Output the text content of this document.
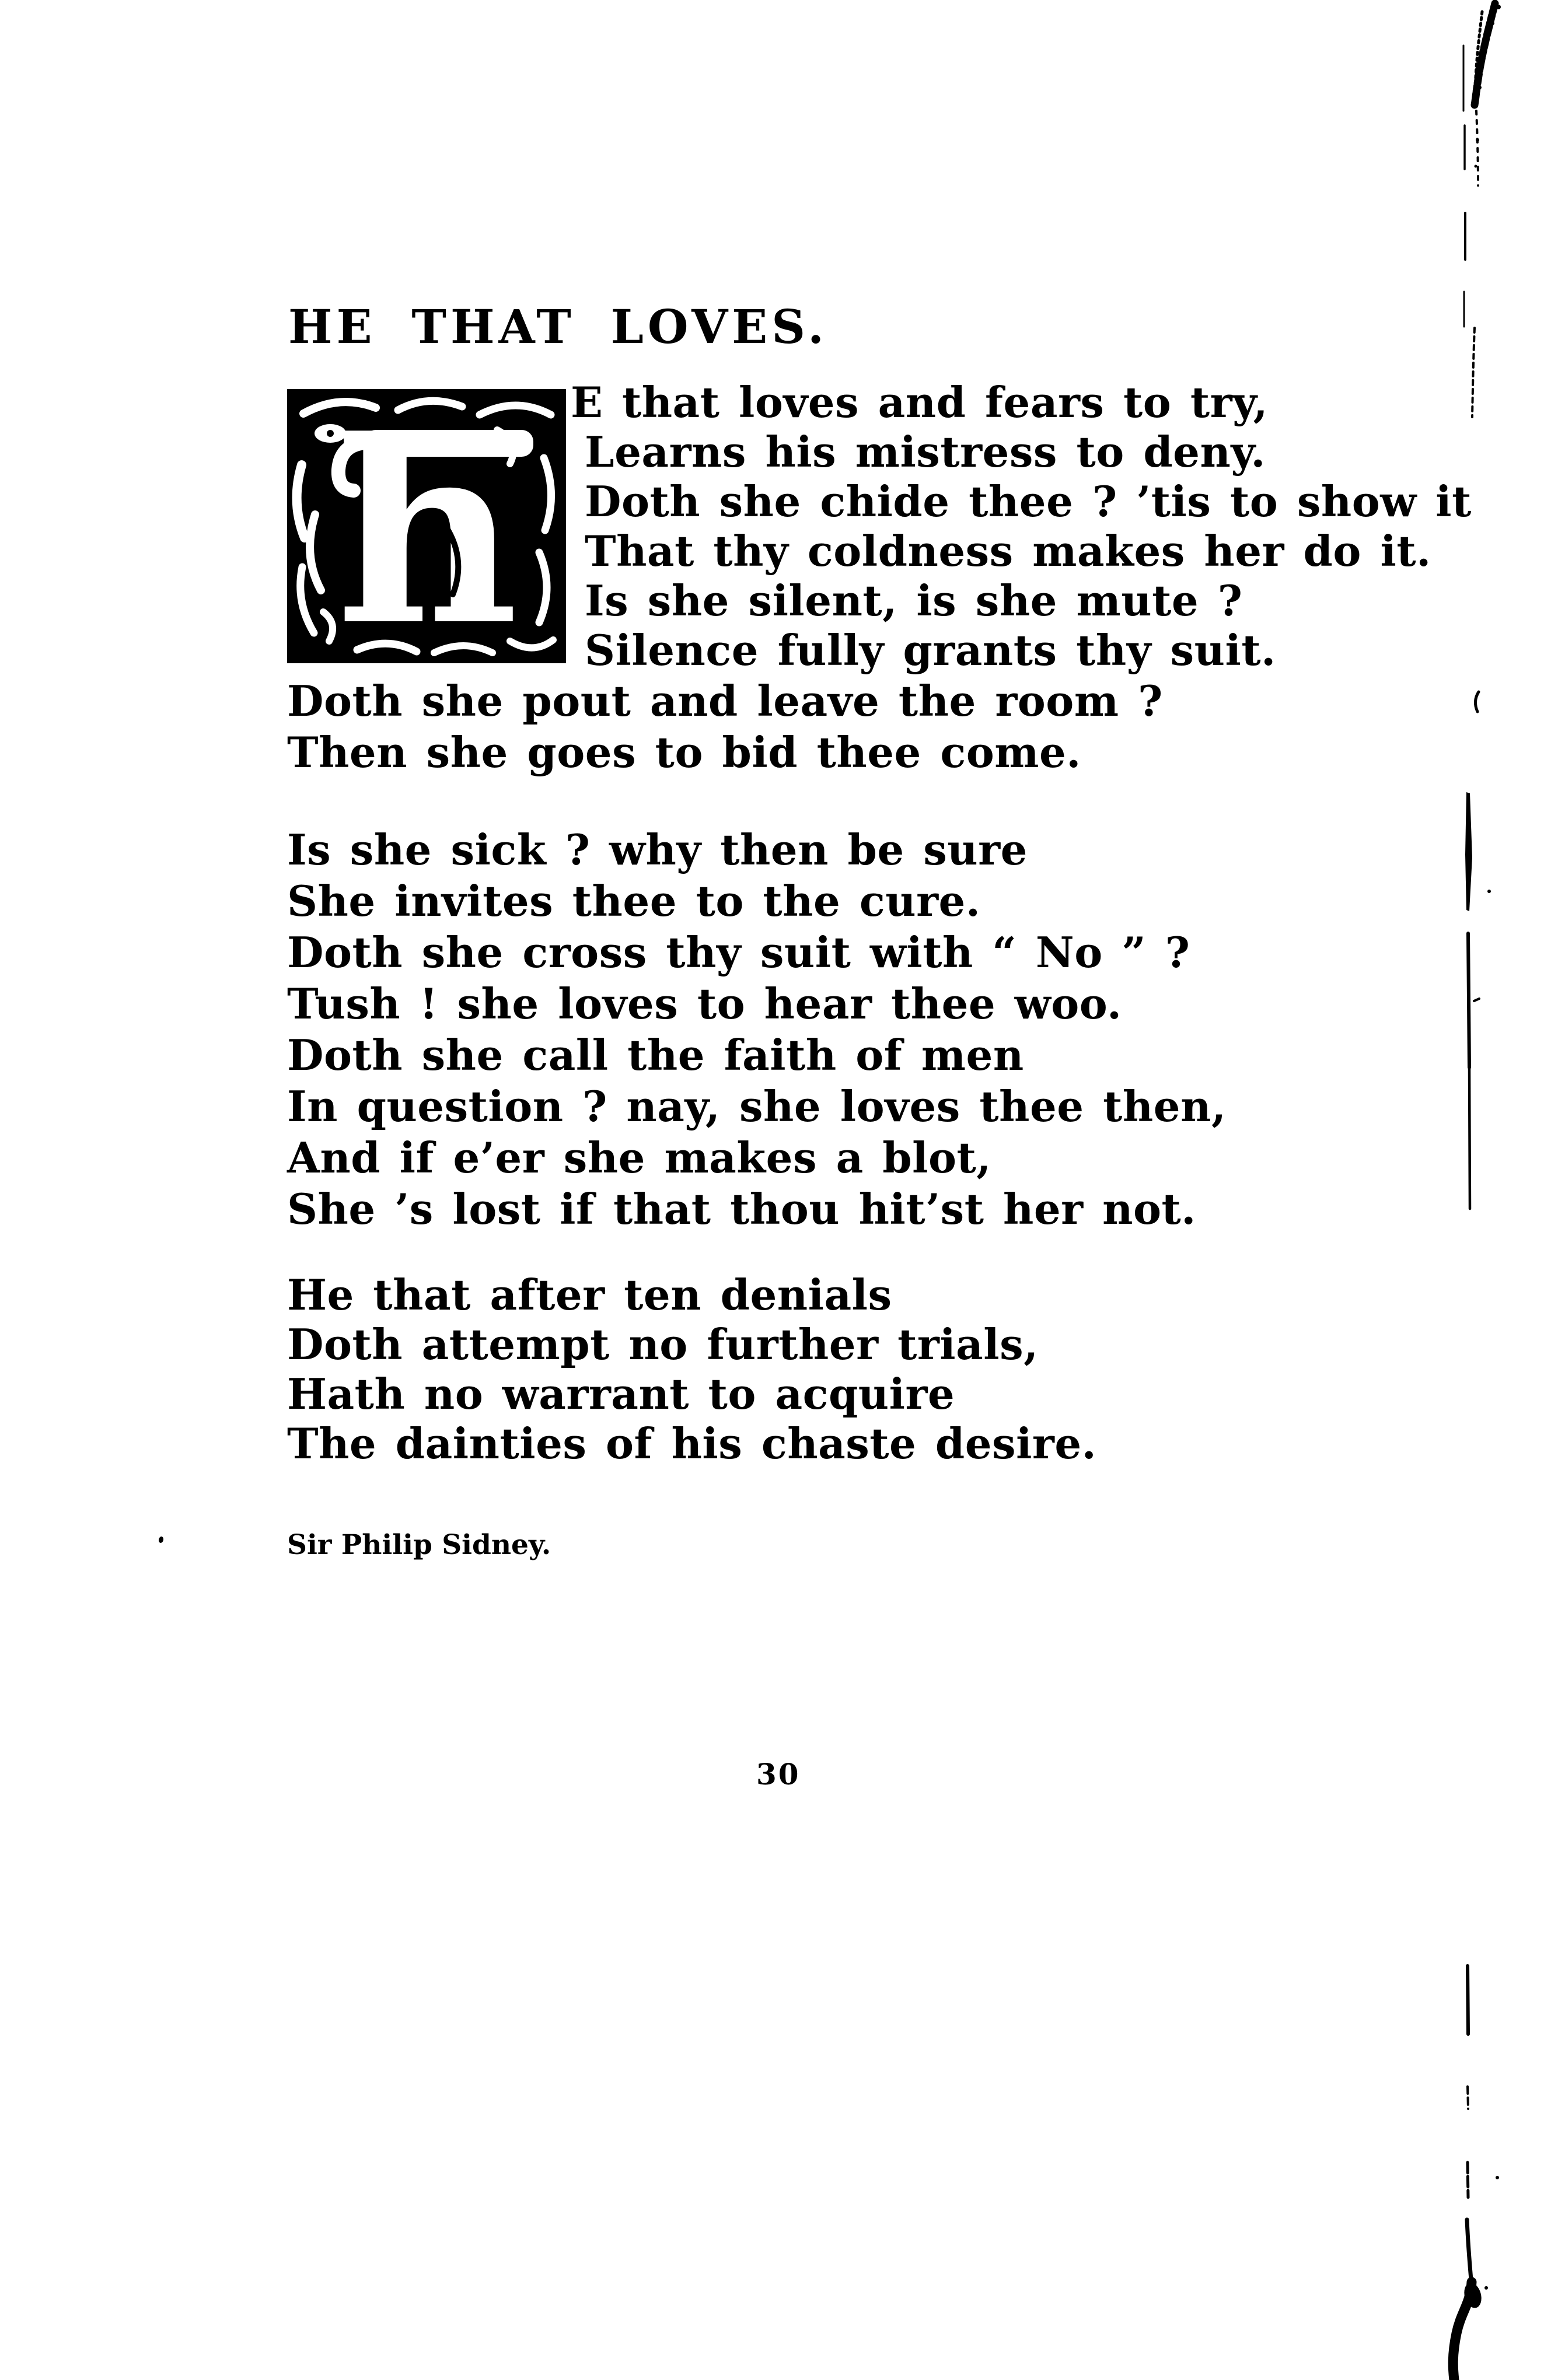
HE THAT LOVES.
h E that loves and fears to try,
Learns his mistress to deny.
Doth she chide thee ? ’tis to show it
That thy coldness makes her do it.
Is she silent, is she mute ?
Silence fully grants thy suit.
Doth she pout and leave the room ?
Then she goes to bid thee come.
Is she sick ? why then be sure
She invites thee to the cure.
Doth she cross thy suit with “ No ” ?
Tush ! she loves to hear thee woo.
Doth she call the faith of men
In question ? nay, she loves thee then,
And if e’er she makes a blot,
She ’s lost if that thou hit’st her not.
He that after ten denials
Doth attempt no further trials,
Hath no warrant to acquire
The dainties of his chaste desire.
Sir Philip Sidney.
30
